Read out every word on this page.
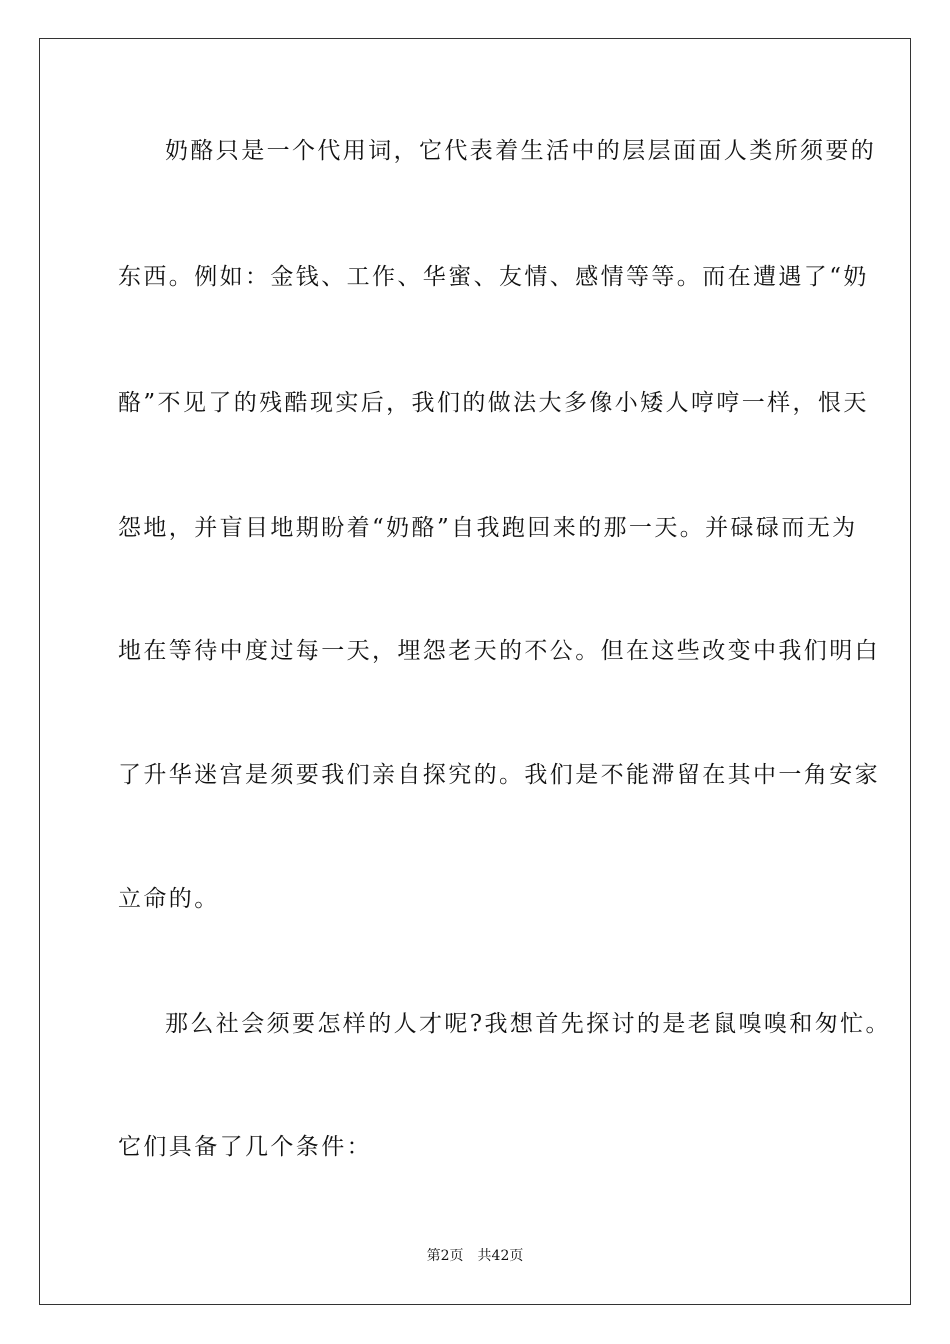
奶酪只是一个代用词，它代表着生活中的层层面面人类所须要的
东西。例如：金钱、工作、华蜜、友情、感情等等。而在遭遇了“奶
酪”不见了的残酷现实后，我们的做法大多像小矮人哼哼一样，恨天
怨地，并盲目地期盼着“奶酪”自我跑回来的那一天。并碌碌而无为
地在等待中度过每一天，埋怨老天的不公。但在这些改变中我们明白
了升华迷宫是须要我们亲自探究的。我们是不能滞留在其中一角安家
立命的。
那么社会须要怎样的人才呢?我想首先探讨的是老鼠嗅嗅和匆忙。
它们具备了几个条件：
第2页 共42页
